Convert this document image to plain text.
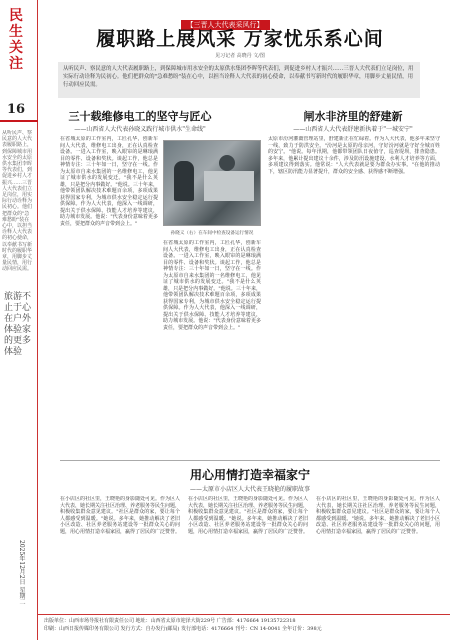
民生关注
16
从听民声、察民意的人大代表履职路上，到保障城市用水安全的太原供水集团李晖等代表们，到促进乡村人才振兴……三晋人大代表们立足岗位，用实际行动诠释为民初心。他们把群众的"急难愁盼"装在心中，以担当诠释人大代表的初心使命，以奉献书写新时代的履职华章，用脚步丈量民情，用行动回应民需。
旅游不止于心 在户外体验家的更多体验
2025年12月2日 星期二
【三晋人大代表采风行】
履职路上展风采 万家忧乐系心间
见习记者 高晓丹 文/图
从听民声、察民意的人大代表履职路上，到保障城市用水安全的太原供水集团李晖等代表们，到促进乡村人才振兴……三晋人大代表们立足岗位，用实际行动诠释为民初心。他们把群众的"急难愁盼"装在心中，以担当诠释人大代表的初心使命，以奉献书写新时代的履职华章，用脚步丈量民情，用行动回应民需。
三十载维修电工的坚守与匠心
——山西省人大代表孙晓义践行城市供水"生命线"
在省城太原的工作室内，工匠孔华，创新车间人大代表，维修电工出身，正在认真检查设备。一进入工作室，映入眼帘的是琳琅满目的零件、设备和奖状。谈起工作，他总是神情专注：三十年如一日，坚守在一线。作为太原市自来水集团的一名维修电工，他见证了城市供水的发展变迁。"我不是什么英雄，只是把分内事做好。"他说。三十年来，他带领团队解决技术难题百余项，多项成果获得国家专利，为城市供水安全稳定运行提供保障。作为人大代表，他深入一线调研，提出关于供水保障、技能人才培养等建议，助力城市发展。他说："代表身份意味着更多责任，要把群众的声音带到会上。"
孙晓义（右）在车间中检查设备运行情况
在省城太原的工作室内，工匠孔华，创新车间人大代表，维修电工出身，正在认真检查设备。一进入工作室，映入眼帘的是琳琅满目的零件、设备和奖状。谈起工作，他总是神情专注：三十年如一日，坚守在一线。作为太原市自来水集团的一名维修电工，他见证了城市供水的发展变迁。"我不是什么英雄，只是把分内事做好。"他说。三十年来，他带领团队解决技术难题百余项，多项成果获得国家专利，为城市供水安全稳定运行提供保障。作为人大代表，他深入一线调研，提出关于供水保障、技能人才培养等建议，助力城市发展。他说："代表身份意味着更多责任，要把群众的声音带到会上。"
闸水非济里的舒建新
——山西省人大代表舒建新执着于"一城安宁"
太原市汾河灌溉管理站里，舒建新正在忙碌着。作为人大代表，他多年来坚守一线，致力于防洪安全。"汾河是太原的母亲河，守好汾河就是守好全城百姓的安宁。"他说。每年汛期，他都带领团队日夜值守，巡查堤坝，排查隐患。多年来，他累计提出建议十余件，涉及防汛设施建设、水利人才培养等方面，多项建议得到落实。他常说："人大代表就是要为群众办实事。"在他的推动下，辖区防汛能力显著提升，群众的安全感、获得感不断增强。
用心用情打造幸福家宁
——太原市小店区人大代表王晓艳的履职故事
在小店区的社区里，王晓艳的身影随处可见。作为区人大代表，她长期关注社区治理、养老服务等民生问题，积极收集群众意见建议。"社区是群众的家，要让每个人都感受到温暖。"她说。多年来，她推动解决了老旧小区改造、社区养老服务站建设等一批群众关心的问题，用心用情打造幸福家园，赢得了居民的广泛赞誉。
在小店区的社区里，王晓艳的身影随处可见。作为区人大代表，她长期关注社区治理、养老服务等民生问题，积极收集群众意见建议。"社区是群众的家，要让每个人都感受到温暖。"她说。多年来，她推动解决了老旧小区改造、社区养老服务站建设等一批群众关心的问题，用心用情打造幸福家园，赢得了居民的广泛赞誉。
在小店区的社区里，王晓艳的身影随处可见。作为区人大代表，她长期关注社区治理、养老服务等民生问题，积极收集群众意见建议。"社区是群众的家，要让每个人都感受到温暖。"她说。多年来，她推动解决了老旧小区改造、社区养老服务站建设等一批群众关心的问题，用心用情打造幸福家园，赢得了居民的广泛赞誉。
出版单位：山西市场导报社有限责任公司 地址：山西省太原市迎泽大街229号 广告部：4176664 19135722318
印刷：山西日报传媒印务有限公司 发行方式：自办发行(邮局) 发行部电话：4176664 刊号：CN 14-0041 全年订价：398元
